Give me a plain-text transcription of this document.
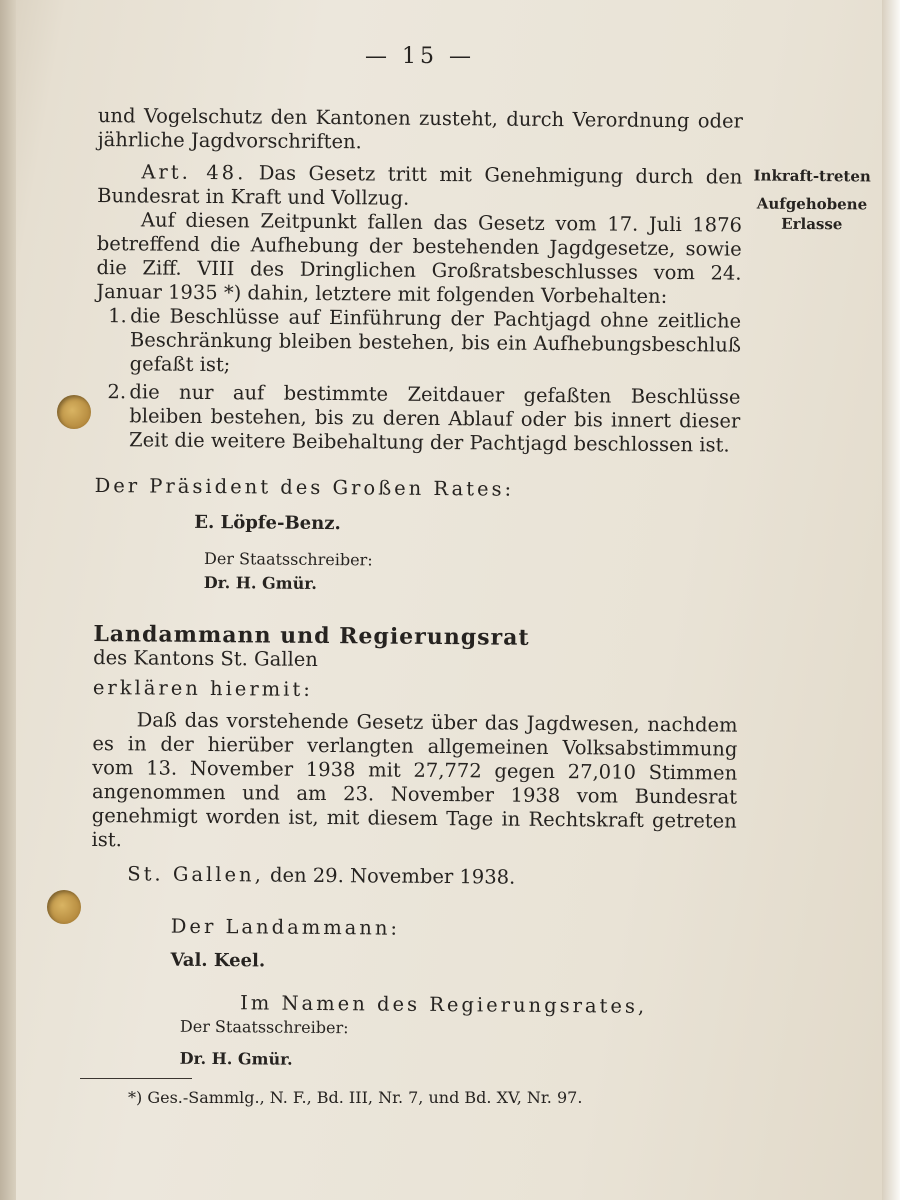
— 15 —
Inkraft-treten
Aufgehobene Erlasse

und Vogelschutz den Kantonen zusteht, durch Verordnung oder jährliche Jagdvorschriften.

Art. 48. Das Gesetz tritt mit Genehmigung durch den Bundesrat in Kraft und Vollzug.

Auf diesen Zeitpunkt fallen das Gesetz vom 17. Juli 1876 betreffend die Aufhebung der bestehenden Jagdgesetze, sowie die Ziff. VIII des Dringlichen Großratsbeschlusses vom 24. Januar 1935 *) dahin, letztere mit folgenden Vorbehalten:

1. die Beschlüsse auf Einführung der Pachtjagd ohne zeitliche Beschränkung bleiben bestehen, bis ein Aufhebungsbeschluß gefaßt ist;
2. die nur auf bestimmte Zeitdauer gefaßten Beschlüsse bleiben bestehen, bis zu deren Ablauf oder bis innert dieser Zeit die weitere Beibehaltung der Pachtjagd beschlossen ist.

Der Präsident des Großen Rates:

E. Löpfe-Benz.

Der Staatsschreiber:

Dr. H. Gmür.

Landammann und Regierungsrat

des Kantons St. Gallen

erklären hiermit:

Daß das vorstehende Gesetz über das Jagdwesen, nachdem es in der hierüber verlangten allgemeinen Volksabstimmung vom 13. November 1938 mit 27,772 gegen 27,010 Stimmen angenommen und am 23. November 1938 vom Bundesrat genehmigt worden ist, mit diesem Tage in Rechtskraft getreten ist.

St. Gallen, den 29. November 1938.

Der Landammann:

Val. Keel.

Im Namen des Regierungsrates,

Der Staatsschreiber:

Dr. H. Gmür.

*) Ges.-Sammlg., N. F., Bd. III, Nr. 7, und Bd. XV, Nr. 97.
